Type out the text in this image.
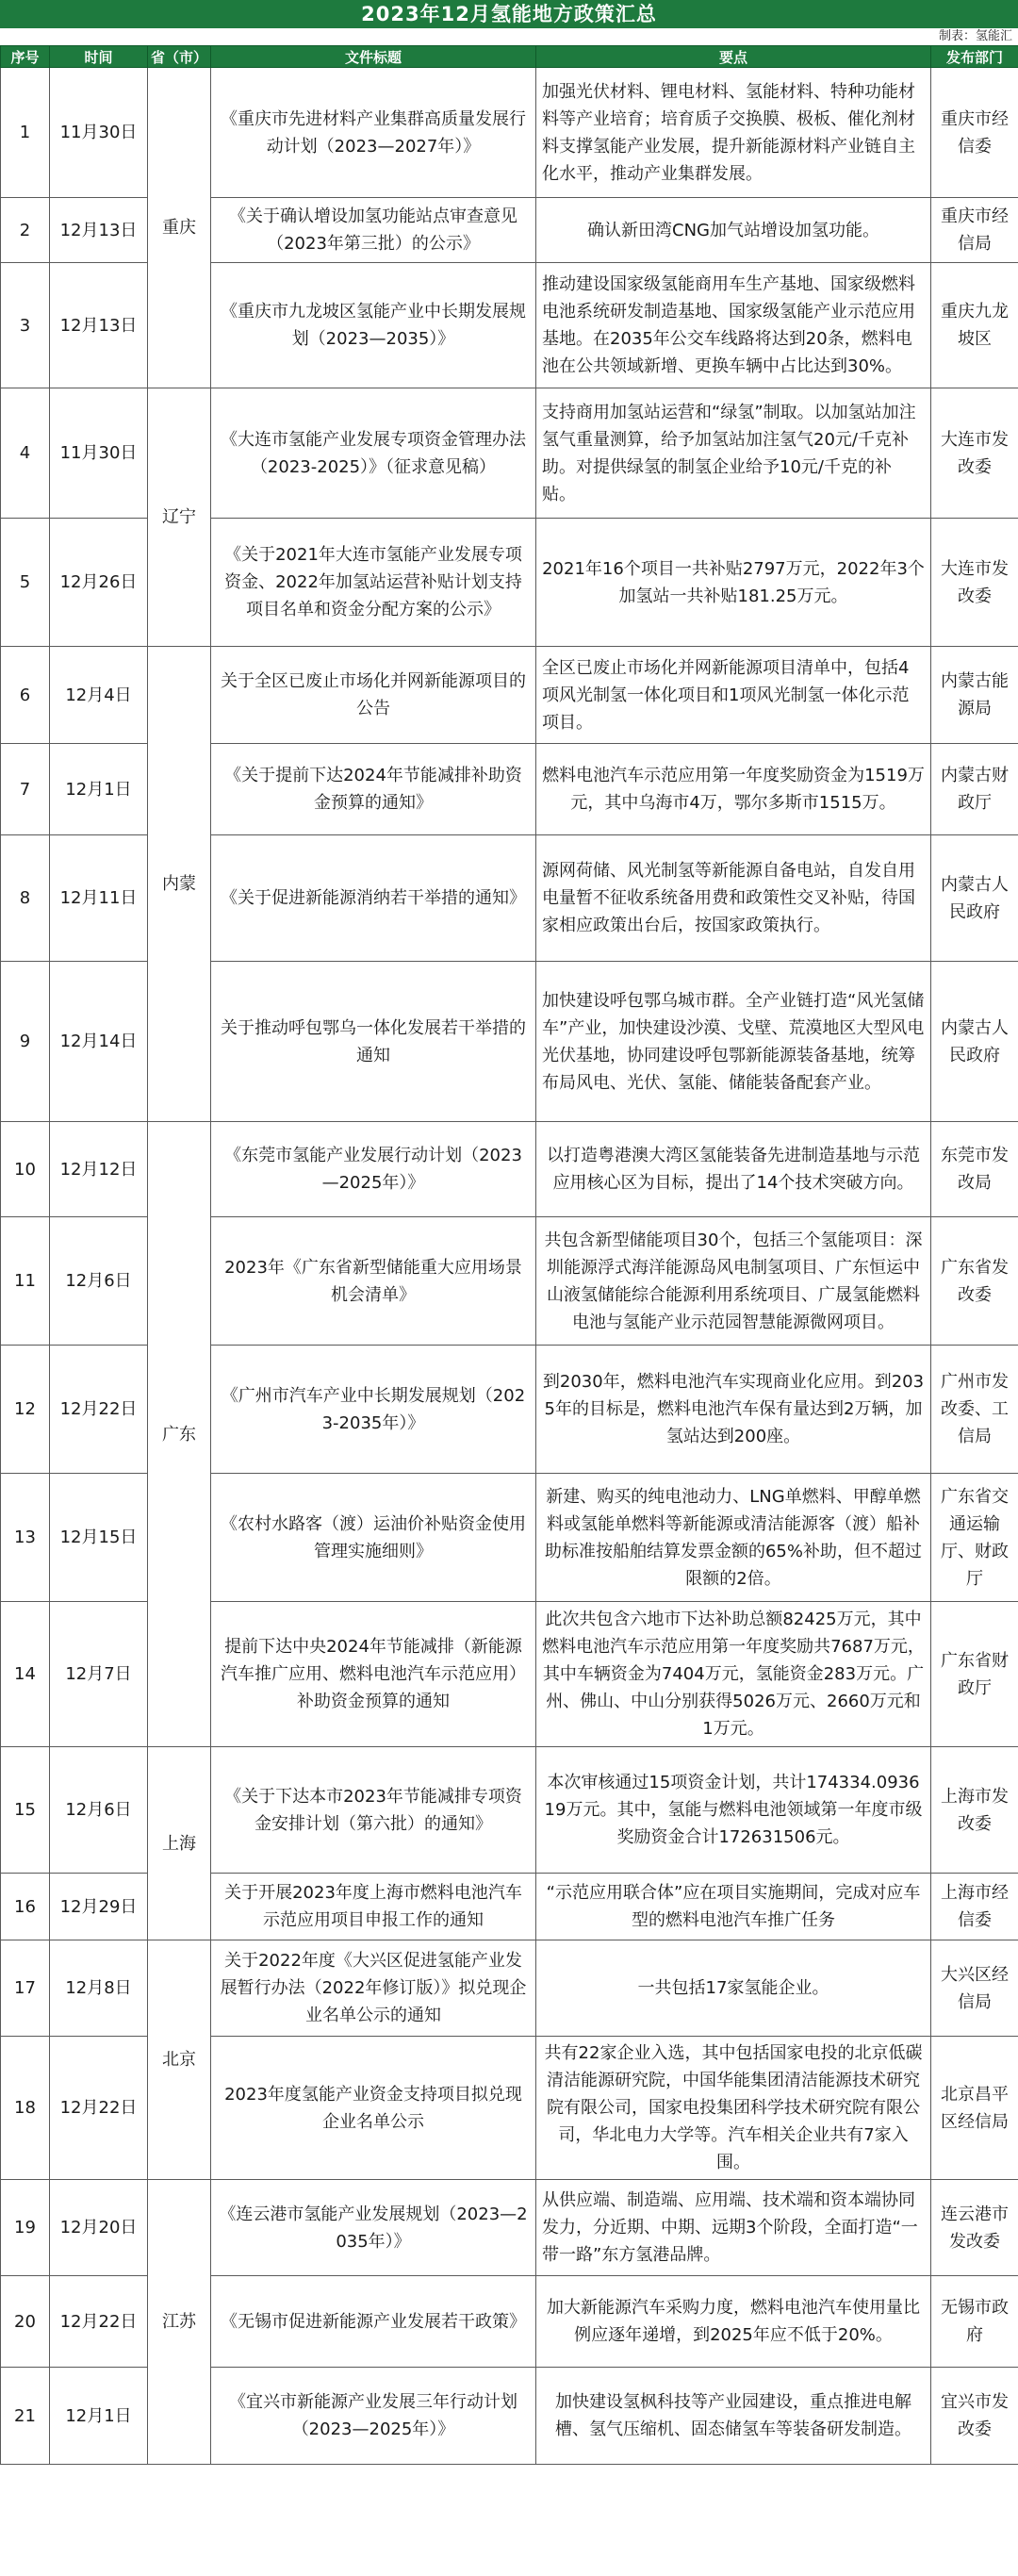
2023年12月氢能地方政策汇总
制表：氢能汇
序号	时间	省（市）	文件标题	要点	发布部门
1	11月30日	重庆	《重庆市先进材料产业集群高质量发展行动计划（2023—2027年）》	加强光伏材料、锂电材料、氢能材料、特种功能材料等产业培育；培育质子交换膜、极板、催化剂材料支撑氢能产业发展，提升新能源材料产业链自主化水平，推动产业集群发展。	重庆市经信委
2	12月13日		《关于确认增设加氢功能站点审查意见（2023年第三批）的公示》	确认新田湾CNG加气站增设加氢功能。	重庆市经信局
3	12月13日		《重庆市九龙坡区氢能产业中长期发展规划（2023—2035）》	推动建设国家级氢能商用车生产基地、国家级燃料电池系统研发制造基地、国家级氢能产业示范应用基地。在2035年公交车线路将达到20条，燃料电池在公共领域新增、更换车辆中占比达到30%。	重庆九龙坡区
4	11月30日	辽宁	《大连市氢能产业发展专项资金管理办法（2023-2025）》（征求意见稿）	支持商用加氢站运营和“绿氢”制取。以加氢站加注氢气重量测算，给予加氢站加注氢气20元/千克补助。对提供绿氢的制氢企业给予10元/千克的补贴。	大连市发改委
5	12月26日		《关于2021年大连市氢能产业发展专项资金、2022年加氢站运营补贴计划支持项目名单和资金分配方案的公示》	2021年16个项目一共补贴2797万元，2022年3个加氢站一共补贴181.25万元。	大连市发改委
6	12月4日	内蒙	关于全区已废止市场化并网新能源项目的公告	全区已废止市场化并网新能源项目清单中，包括4项风光制氢一体化项目和1项风光制氢一体化示范项目。	内蒙古能源局
7	12月1日		《关于提前下达2024年节能减排补助资金预算的通知》	燃料电池汽车示范应用第一年度奖励资金为1519万元，其中乌海市4万，鄂尔多斯市1515万。	内蒙古财政厅
8	12月11日		《关于促进新能源消纳若干举措的通知》	源网荷储、风光制氢等新能源自备电站，自发自用电量暂不征收系统备用费和政策性交叉补贴，待国家相应政策出台后，按国家政策执行。	内蒙古人民政府
9	12月14日		关于推动呼包鄂乌一体化发展若干举措的通知	加快建设呼包鄂乌城市群。全产业链打造“风光氢储车”产业，加快建设沙漠、戈壁、荒漠地区大型风电光伏基地，协同建设呼包鄂新能源装备基地，统筹布局风电、光伏、氢能、储能装备配套产业。	内蒙古人民政府
10	12月12日	广东	《东莞市氢能产业发展行动计划（2023—2025年）》	以打造粤港澳大湾区氢能装备先进制造基地与示范应用核心区为目标，提出了14个技术突破方向。	东莞市发改局
11	12月6日		2023年《广东省新型储能重大应用场景机会清单》	共包含新型储能项目30个，包括三个氢能项目：深圳能源浮式海洋能源岛风电制氢项目、广东恒运中山液氢储能综合能源利用系统项目、广晟氢能燃料电池与氢能产业示范园智慧能源微网项目。	广东省发改委
12	12月22日		《广州市汽车产业中长期发展规划（2023-2035年）》	到2030年，燃料电池汽车实现商业化应用。到2035年的目标是，燃料电池汽车保有量达到2万辆，加氢站达到200座。	广州市发改委、工信局
13	12月15日		《农村水路客（渡）运油价补贴资金使用管理实施细则》	新建、购买的纯电池动力、LNG单燃料、甲醇单燃料或氢能单燃料等新能源或清洁能源客（渡）船补助标准按船舶结算发票金额的65%补助，但不超过限额的2倍。	广东省交通运输厅、财政厅
14	12月7日		提前下达中央2024年节能减排（新能源汽车推广应用、燃料电池汽车示范应用）补助资金预算的通知	此次共包含六地市下达补助总额82425万元，其中燃料电池汽车示范应用第一年度奖励共7687万元，其中车辆资金为7404万元，氢能资金283万元。广州、佛山、中山分别获得5026万元、2660万元和1万元。	广东省财政厅
15	12月6日	上海	《关于下达本市2023年节能减排专项资金安排计划（第六批）的通知》	本次审核通过15项资金计划，共计174334.093619万元。其中，氢能与燃料电池领域第一年度市级奖励资金合计172631506元。	上海市发改委
16	12月29日		关于开展2023年度上海市燃料电池汽车示范应用项目申报工作的通知	“示范应用联合体”应在项目实施期间，完成对应车型的燃料电池汽车推广任务	上海市经信委
17	12月8日	北京	关于2022年度《大兴区促进氢能产业发展暂行办法（2022年修订版）》拟兑现企业名单公示的通知	一共包括17家氢能企业。	大兴区经信局
18	12月22日		2023年度氢能产业资金支持项目拟兑现企业名单公示	共有22家企业入选，其中包括国家电投的北京低碳清洁能源研究院，中国华能集团清洁能源技术研究院有限公司，国家电投集团科学技术研究院有限公司，华北电力大学等。汽车相关企业共有7家入围。	北京昌平区经信局
19	12月20日	江苏	《连云港市氢能产业发展规划（2023—2035年）》	从供应端、制造端、应用端、技术端和资本端协同发力，分近期、中期、远期3个阶段，全面打造“一带一路”东方氢港品牌。	连云港市发改委
20	12月22日		《无锡市促进新能源产业发展若干政策》	加大新能源汽车采购力度，燃料电池汽车使用量比例应逐年递增，到2025年应不低于20%。	无锡市政府
21	12月1日		《宜兴市新能源产业发展三年行动计划（2023—2025年）》	加快建设氢枫科技等产业园建设，重点推进电解槽、氢气压缩机、固态储氢车等装备研发制造。	宜兴市发改委
